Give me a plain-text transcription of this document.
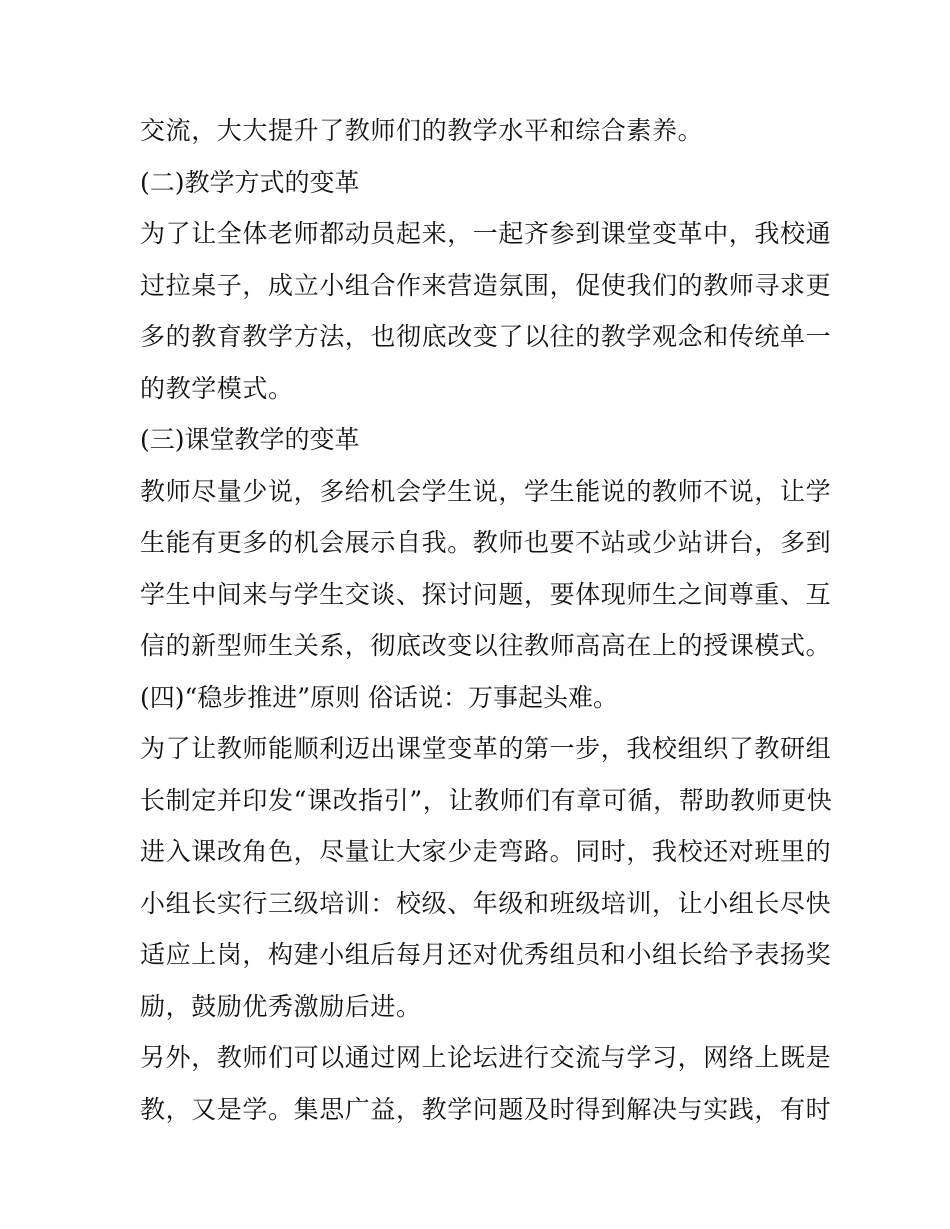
交流，大大提升了教师们的教学水平和综合素养。
(二)教学方式的变革
为了让全体老师都动员起来，一起齐参到课堂变革中，我校通
过拉桌子，成立小组合作来营造氛围，促使我们的教师寻求更
多的教育教学方法，也彻底改变了以往的教学观念和传统单一
的教学模式。
(三)课堂教学的变革
教师尽量少说，多给机会学生说，学生能说的教师不说，让学
生能有更多的机会展示自我。教师也要不站或少站讲台，多到
学生中间来与学生交谈、探讨问题，要体现师生之间尊重、互
信的新型师生关系，彻底改变以往教师高高在上的授课模式。
(四)“稳步推进”原则 俗话说：万事起头难。
为了让教师能顺利迈出课堂变革的第一步，我校组织了教研组
长制定并印发“课改指引”，让教师们有章可循，帮助教师更快
进入课改角色，尽量让大家少走弯路。同时，我校还对班里的
小组长实行三级培训：校级、年级和班级培训，让小组长尽快
适应上岗，构建小组后每月还对优秀组员和小组长给予表扬奖
励，鼓励优秀激励后进。
另外，教师们可以通过网上论坛进行交流与学习，网络上既是
教，又是学。集思广益，教学问题及时得到解决与实践，有时
